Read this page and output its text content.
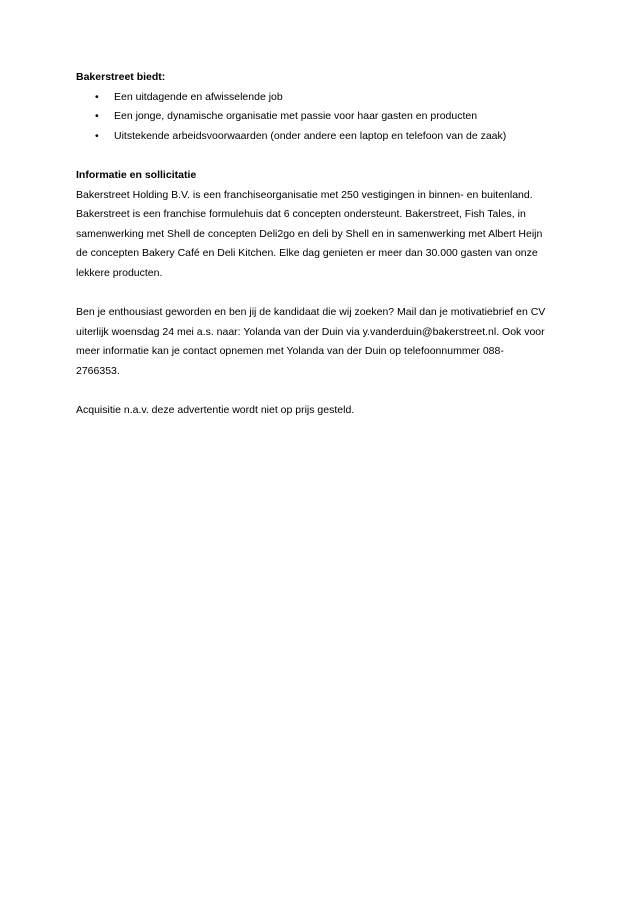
Bakerstreet biedt:

• Een uitdagende en afwisselende job
• Een jonge, dynamische organisatie met passie voor haar gasten en producten
• Uitstekende arbeidsvoorwaarden (onder andere een laptop en telefoon van de zaak)

Informatie en sollicitatie

Bakerstreet Holding B.V. is een franchiseorganisatie met 250 vestigingen in binnen- en buitenland.

Bakerstreet is een franchise formulehuis dat 6 concepten ondersteunt. Bakerstreet, Fish Tales, in

samenwerking met Shell de concepten Deli2go en deli by Shell en in samenwerking met Albert Heijn

de concepten Bakery Café en Deli Kitchen. Elke dag genieten er meer dan 30.000 gasten van onze

lekkere producten.

Ben je enthousiast geworden en ben jij de kandidaat die wij zoeken? Mail dan je motivatiebrief en CV

uiterlijk woensdag 24 mei a.s. naar: Yolanda van der Duin via y.vanderduin@bakerstreet.nl. Ook voor

meer informatie kan je contact opnemen met Yolanda van der Duin op telefoonnummer 088-

2766353.

Acquisitie n.a.v. deze advertentie wordt niet op prijs gesteld.
